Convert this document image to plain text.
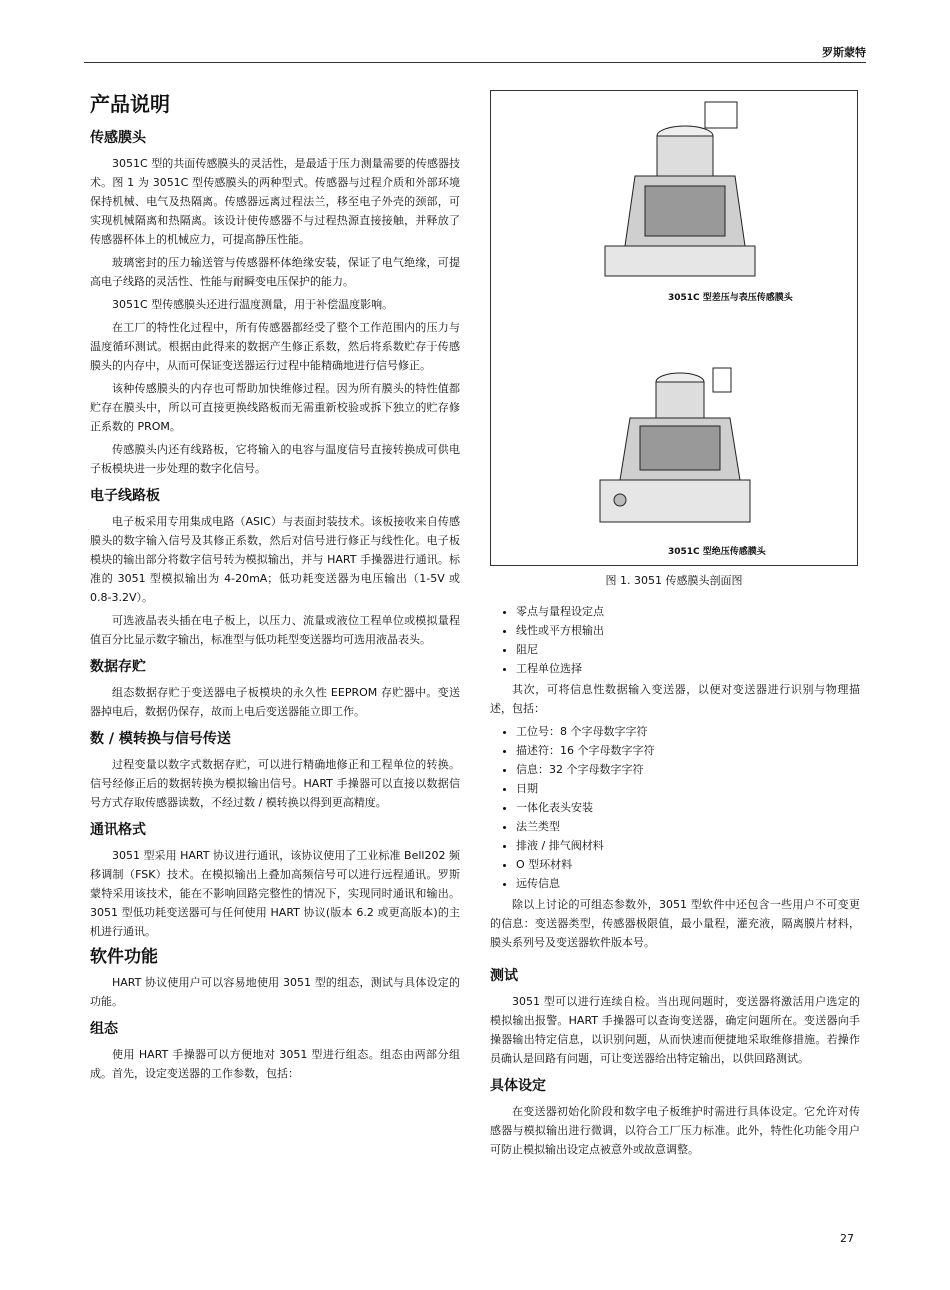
罗斯蒙特
产品说明
传感膜头

3051C 型的共面传感膜头的灵活性，是最适于压力测量需要的传感器技术。图 1 为 3051C 型传感膜头的两种型式。传感器与过程介质和外部环境保持机械、电气及热隔离。传感器远离过程法兰，移至电子外壳的颈部，可实现机械隔离和热隔离。该设计使传感器不与过程热源直接接触，并释放了传感器杯体上的机械应力，可提高静压性能。

玻璃密封的压力输送管与传感器杯体绝缘安装，保证了电气绝缘，可提高电子线路的灵活性、性能与耐瞬变电压保护的能力。

3051C 型传感膜头还进行温度测量，用于补偿温度影响。

在工厂的特性化过程中，所有传感器都经受了整个工作范围内的压力与温度循环测试。根据由此得来的数据产生修正系数，然后将系数贮存于传感膜头的内存中，从而可保证变送器运行过程中能精确地进行信号修正。

该种传感膜头的内存也可帮助加快维修过程。因为所有膜头的特性值都贮存在膜头中，所以可直接更换线路板而无需重新校验或拆下独立的贮存修正系数的 PROM。

传感膜头内还有线路板，它将输入的电容与温度信号直接转换成可供电子板模块进一步处理的数字化信号。

电子线路板

电子板采用专用集成电路（ASIC）与表面封装技术。该板接收来自传感膜头的数字输入信号及其修正系数，然后对信号进行修正与线性化。电子板模块的输出部分将数字信号转为模拟输出，并与 HART 手操器进行通讯。标准的 3051 型模拟输出为 4-20mA；低功耗变送器为电压输出（1-5V 或 0.8-3.2V）。

可选液晶表头插在电子板上，以压力、流量或液位工程单位或模拟量程值百分比显示数字输出，标准型与低功耗型变送器均可选用液晶表头。

数据存贮

组态数据存贮于变送器电子板模块的永久性 EEPROM 存贮器中。变送器掉电后，数据仍保存，故而上电后变送器能立即工作。

数 / 模转换与信号传送

过程变量以数字式数据存贮，可以进行精确地修正和工程单位的转换。信号经修正后的数据转换为模拟输出信号。HART 手操器可以直接以数据信号方式存取传感器读数，不经过数 / 模转换以得到更高精度。

通讯格式

3051 型采用 HART 协议进行通讯，该协议使用了工业标准 Bell202 频移调制（FSK）技术。在模拟输出上叠加高频信号可以进行远程通讯。罗斯蒙特采用该技术，能在不影响回路完整性的情况下，实现同时通讯和输出。3051 型低功耗变送器可与任何使用 HART 协议(版本 6.2 或更高版本)的主机进行通讯。

软件功能

HART 协议使用户可以容易地使用 3051 型的组态，测试与具体设定的功能。

组态

使用 HART 手操器可以方便地对 3051 型进行组态。组态由两部分组成。首先，设定变送器的工作参数，包括：

3051C 型差压与表压传感膜头
3051C 型绝压传感膜头
图 1. 3051 传感膜头剖面图
• 零点与量程设定点
• 线性或平方根输出
• 阻尼
• 工程单位选择

其次，可将信息性数据输入变送器，以便对变送器进行识别与物理描述，包括：

• 工位号：8 个字母数字字符
• 描述符：16 个字母数字字符
• 信息：32 个字母数字字符
• 日期
• 一体化表头安装
• 法兰类型
• 排液 / 排气阀材料
• O 型环材料
• 远传信息

除以上讨论的可组态参数外，3051 型软件中还包含一些用户不可变更的信息：变送器类型，传感器极限值，最小量程，灌充液，隔离膜片材料，膜头系列号及变送器软件版本号。

测试

3051 型可以进行连续自检。当出现问题时，变送器将激活用户选定的模拟输出报警。HART 手操器可以查询变送器，确定问题所在。变送器向手操器输出特定信息，以识别问题，从而快速而便捷地采取维修措施。若操作员确认是回路有问题，可让变送器给出特定输出，以供回路测试。

具体设定

在变送器初始化阶段和数字电子板维护时需进行具体设定。它允许对传感器与模拟输出进行微调，以符合工厂压力标准。此外，特性化功能令用户可防止模拟输出设定点被意外或故意调整。

27
